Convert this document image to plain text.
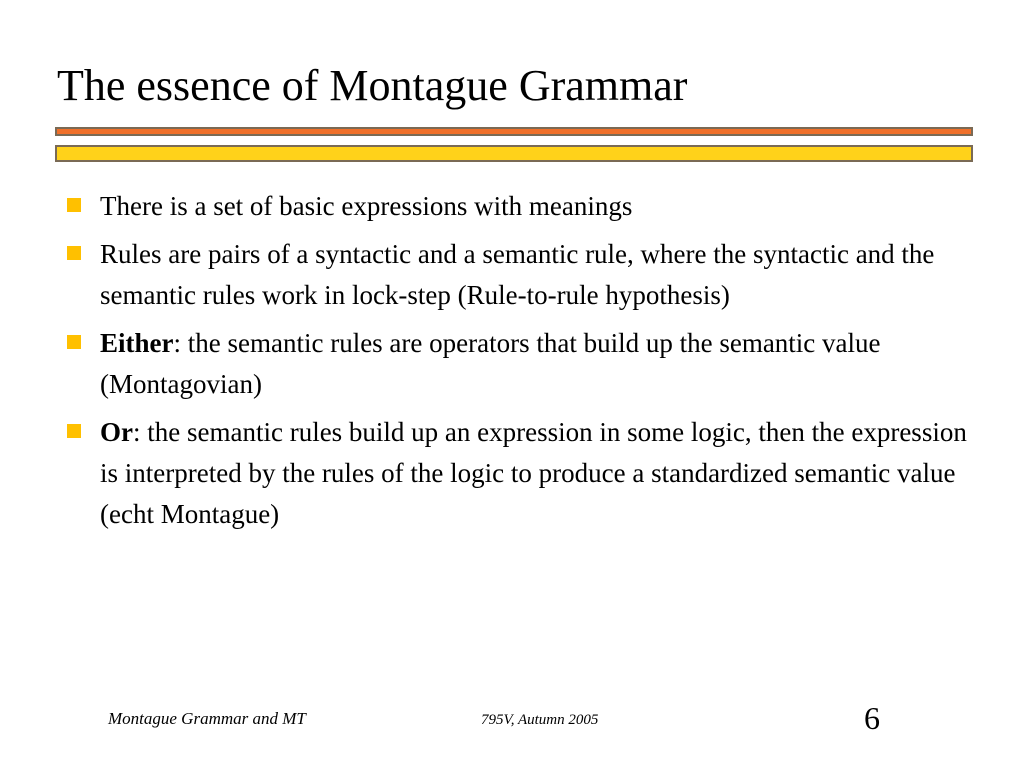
The essence of Montague Grammar
There is a set of basic expressions with meanings
Rules are pairs of a syntactic and a semantic rule, where the syntactic and the semantic rules work in lock-step (Rule-to-rule hypothesis)
Either: the semantic rules are operators that build up the semantic value (Montagovian)
Or: the semantic rules build up an expression in some logic, then the expression is interpreted by the rules of the logic to produce a standardized semantic value (echt Montague)
Montague Grammar and MT	795V, Autumn 2005	6
